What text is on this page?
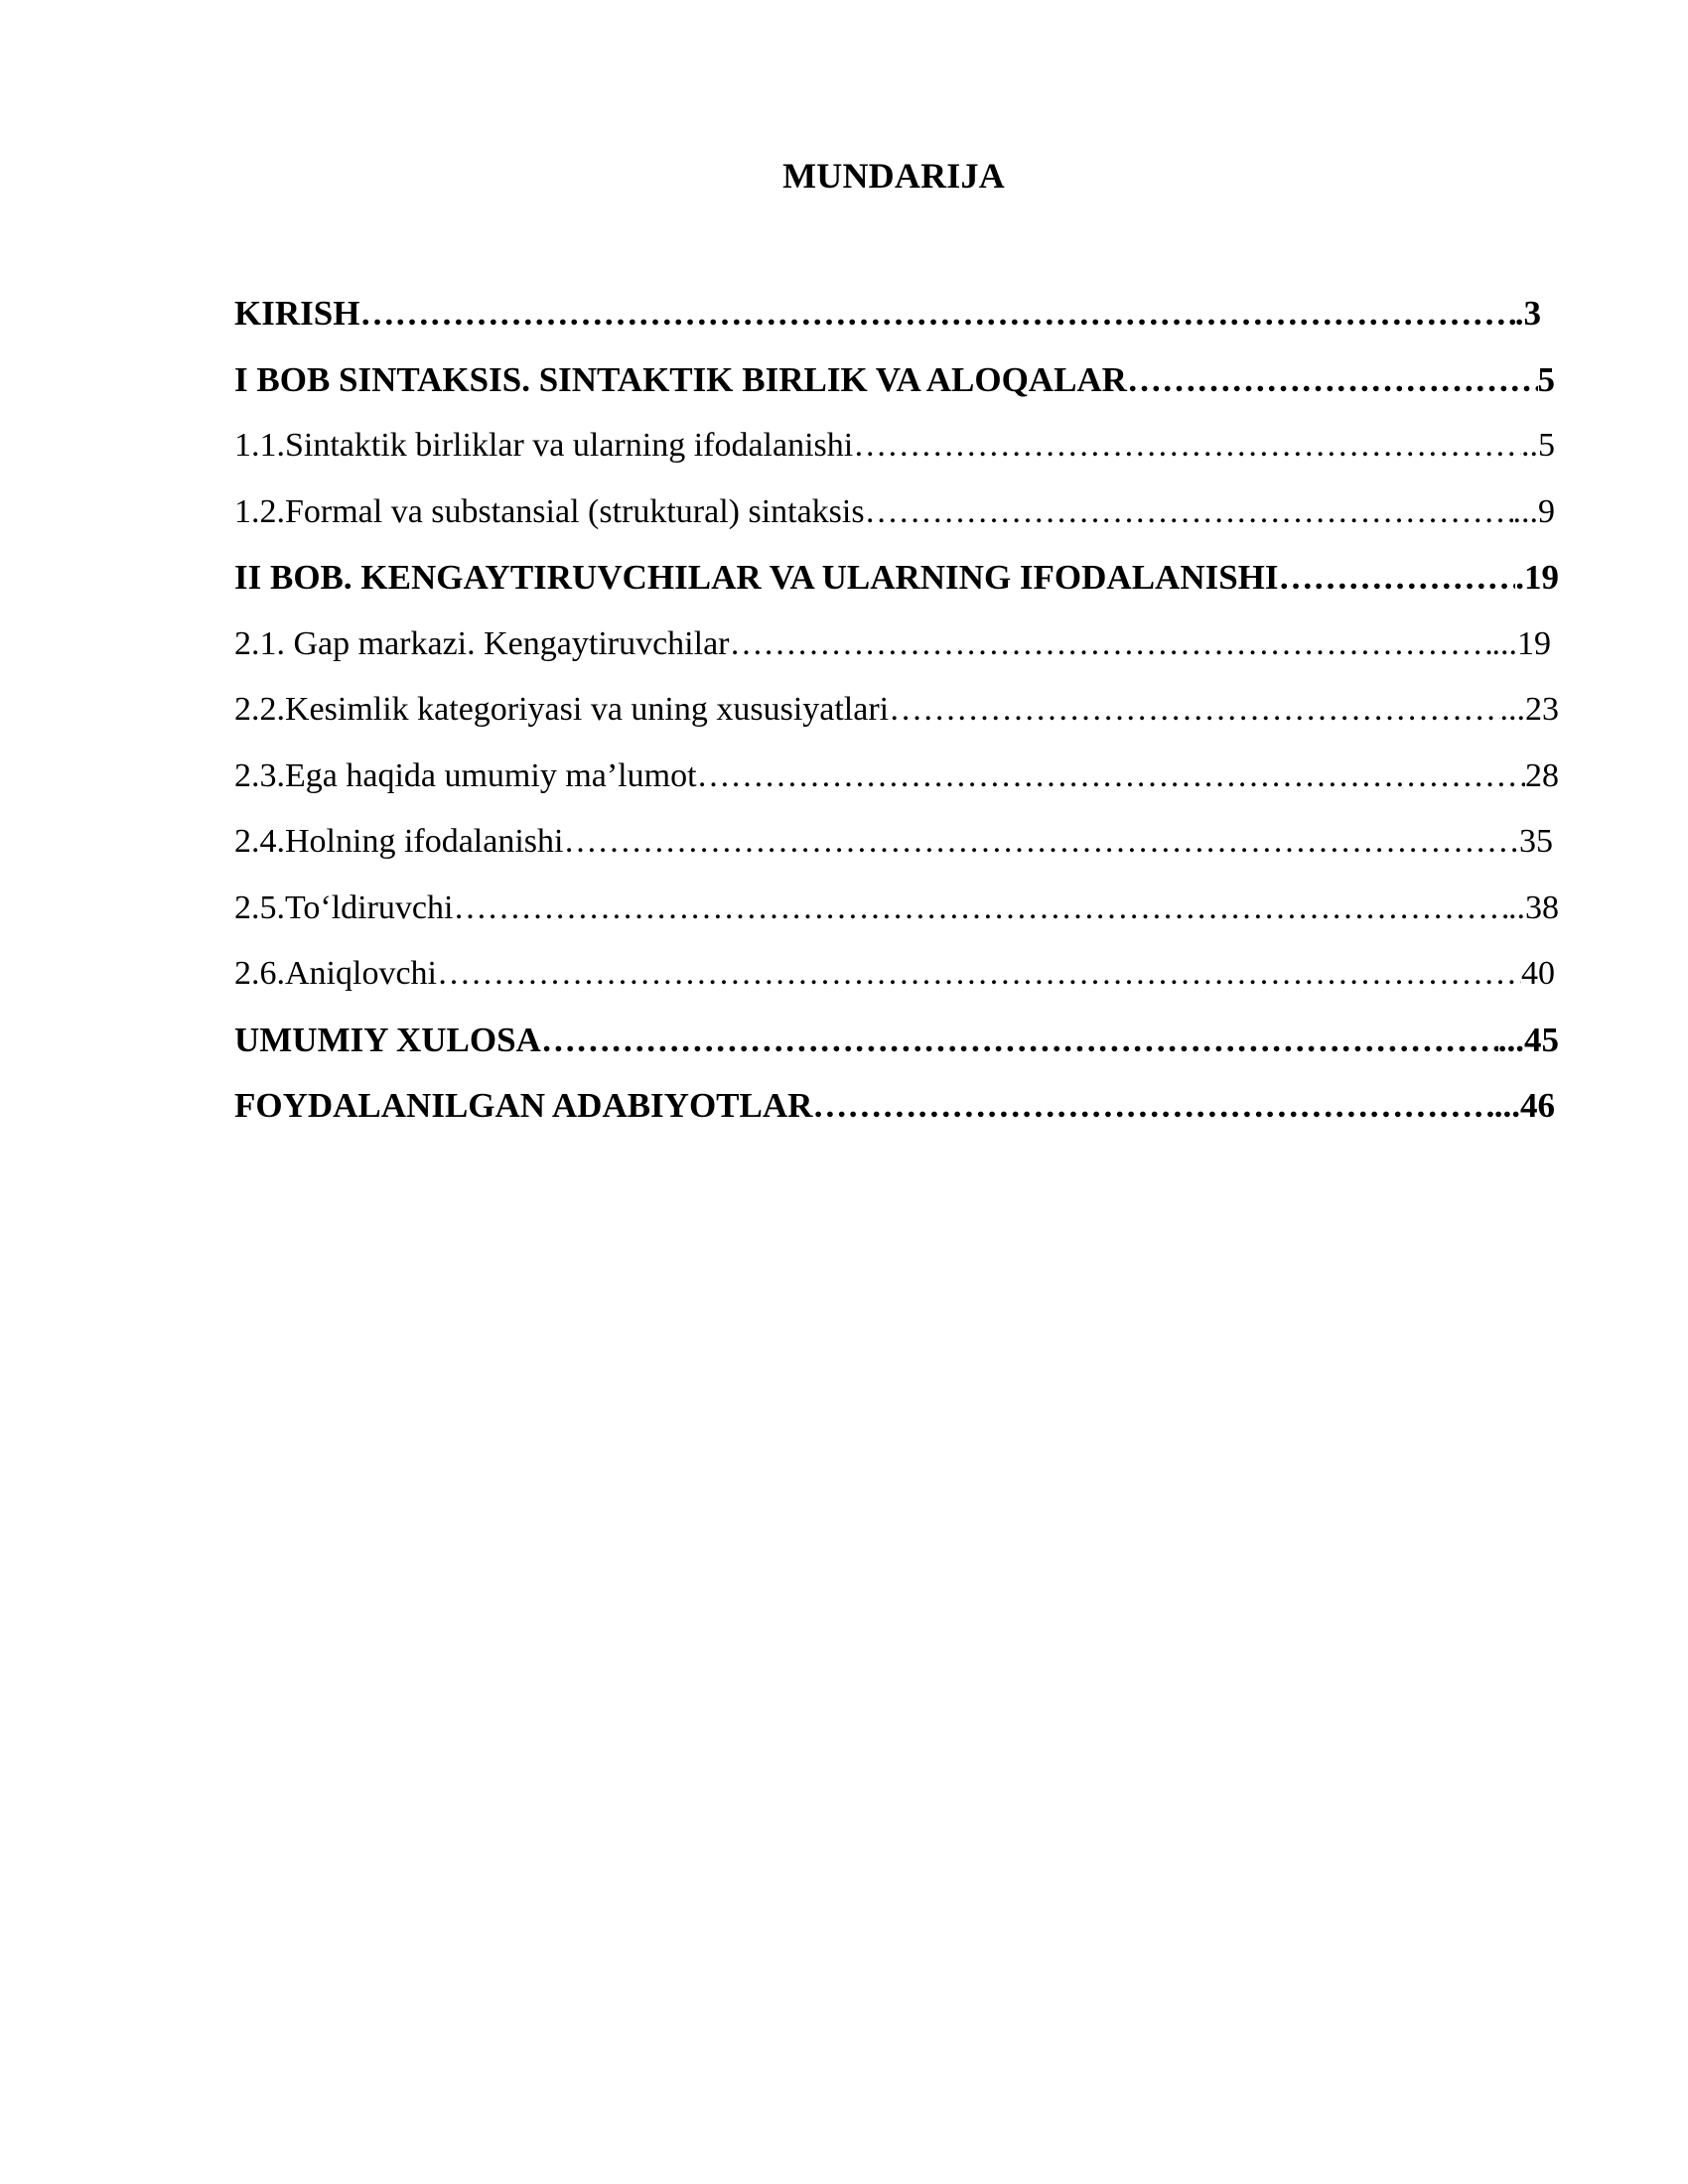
MUNDARIJA
KIRISH ………………………………………………………………………………………………………………………………………………………………	.3
I BOB SINTAKSIS. SINTAKTIK BIRLIK VA ALOQALAR ………………………………………………………………………………………………………………………………………………………………	5
1.1.Sintaktik birliklar va ularning ifodalanishi ………………………………………………………………………………………………………………………………………………………………	..5
1.2.Formal va substansial (struktural) sintaksis ………………………………………………………………………………………………………………………………………………………………	...9
II BOB. KENGAYTIRUVCHILAR VA ULARNING IFODALANISHI ………………………………………………………………………………………………………………………………………………………………	.19
2.1. Gap markazi. Kengaytiruvchilar ………………………………………………………………………………………………………………………………………………………………	...19
2.2.Kesimlik kategoriyasi va uning xususiyatlari ………………………………………………………………………………………………………………………………………………………………	...23
2.3.Ega haqida umumiy ma’lumot ………………………………………………………………………………………………………………………………………………………………	28
2.4.Holning ifodalanishi ………………………………………………………………………………………………………………………………………………………………	35
2.5.To‘ldiruvchi ………………………………………………………………………………………………………………………………………………………………	..38
2.6.Aniqlovchi ………………………………………………………………………………………………………………………………………………………………	40
UMUMIY XULOSA ………………………………………………………………………………………………………………………………………………………………	...45
FOYDALANILGAN ADABIYOTLAR ………………………………………………………………………………………………………………………………………………………………	...46
